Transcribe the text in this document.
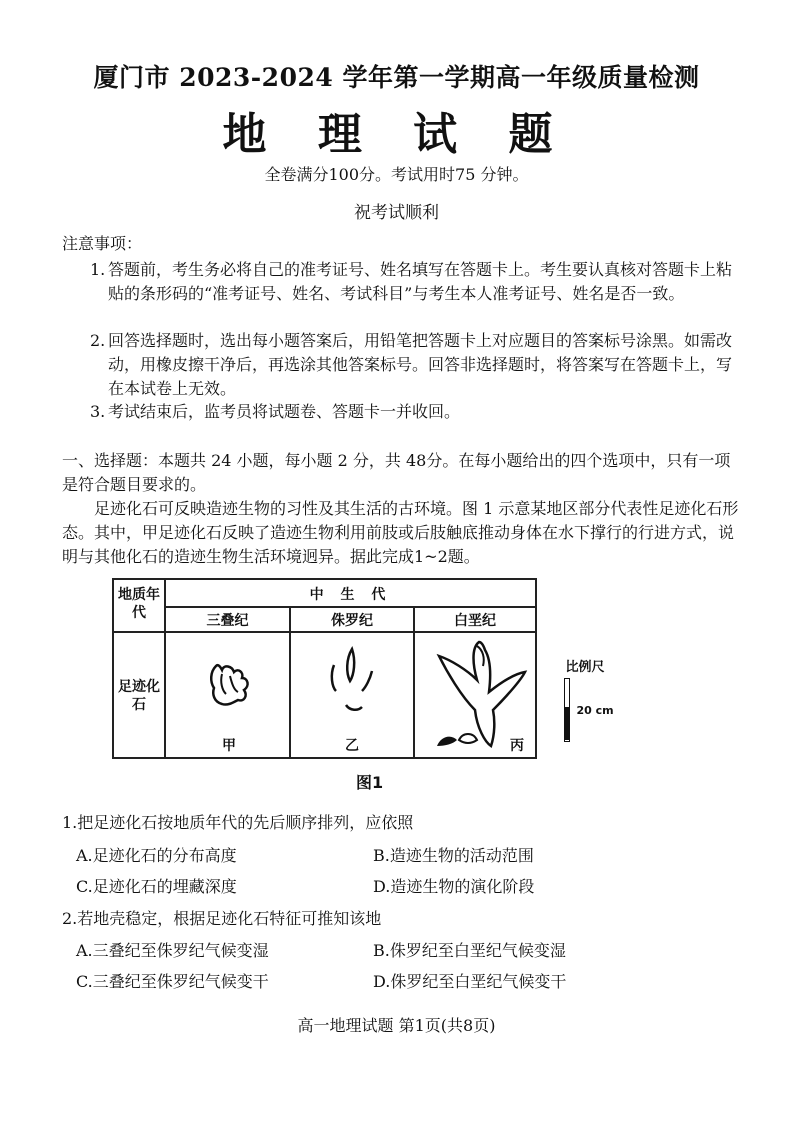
厦门市 2023-2024 学年第一学期高一年级质量检测
地 理 试 题
全卷满分100分。考试用时75 分钟。
祝考试顺利
注意事项：
1. 答题前，考生务必将自己的准考证号、姓名填写在答题卡上。考生要认真核对答题卡上粘贴的条形码的“准考证号、姓名、考试科目”与考生本人准考证号、姓名是否一致。
2. 回答选择题时，选出每小题答案后，用铅笔把答题卡上对应题目的答案标号涂黑。如需改动，用橡皮擦干净后，再选涂其他答案标号。回答非选择题时，将答案写在答题卡上，写在本试卷上无效。
3. 考试结束后，监考员将试题卷、答题卡一并收回。
一、选择题：本题共 24 小题，每小题 2 分，共 48分。在每小题给出的四个选项中，只有一项是符合题目要求的。
足迹化石可反映造迹生物的习性及其生活的古环境。图 1 示意某地区部分代表性足迹化石形态。其中，甲足迹化石反映了造迹生物利用前肢或后肢触底推动身体在水下撑行的行进方式，说明与其他化石的造迹生物生活环境迥异。据此完成1~2题。
地质年代
中 生 代
三叠纪	侏罗纪	白垩纪
足迹化石
甲	乙	丙
比例尺
20 cm
图1
1.把足迹化石按地质年代的先后顺序排列，应依照
A.足迹化石的分布高度	B.造迹生物的活动范围
C.足迹化石的埋藏深度	D.造迹生物的演化阶段
2.若地壳稳定，根据足迹化石特征可推知该地
A.三叠纪至侏罗纪气候变湿	B.侏罗纪至白垩纪气候变湿
C.三叠纪至侏罗纪气候变干	D.侏罗纪至白垩纪气候变干
高一地理试题 第1页(共8页)
